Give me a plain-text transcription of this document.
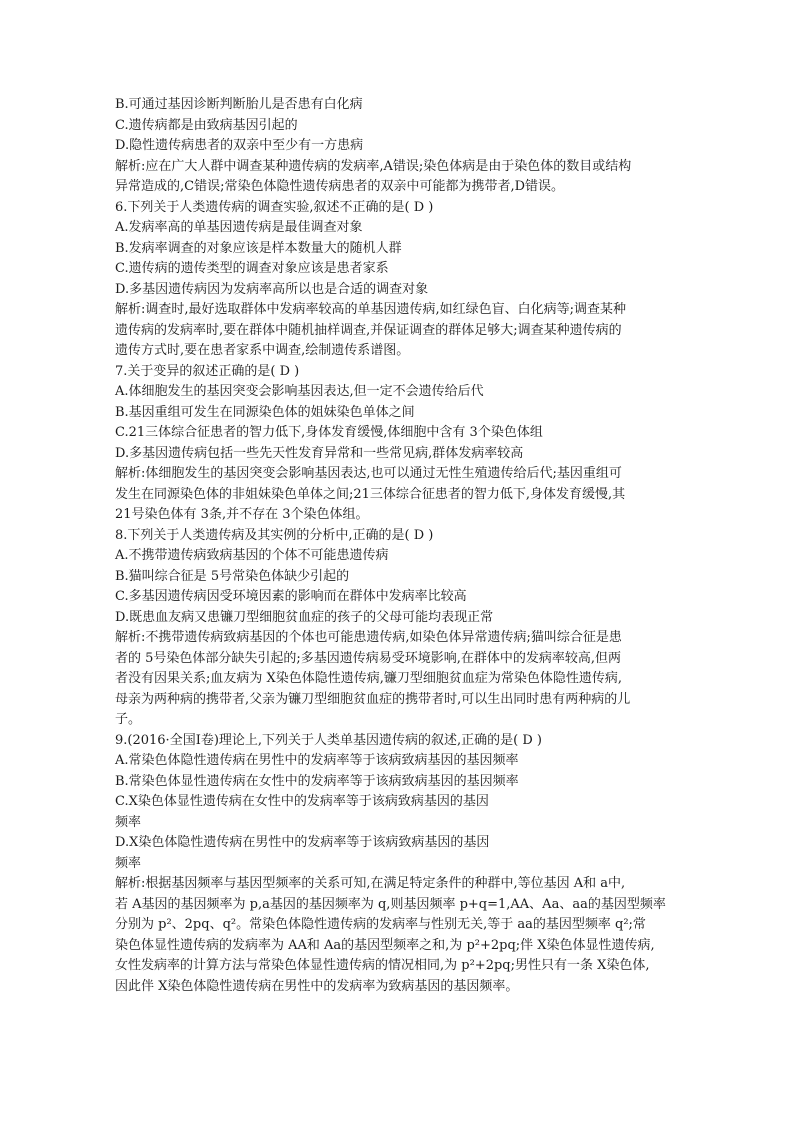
B.可通过基因诊断判断胎儿是否患有白化病
C.遗传病都是由致病基因引起的
D.隐性遗传病患者的双亲中至少有一方患病
解析:应在广大人群中调查某种遗传病的发病率,A错误;染色体病是由于染色体的数目或结构
异常造成的,C错误;常染色体隐性遗传病患者的双亲中可能都为携带者,D错误。
6.下列关于人类遗传病的调查实验,叙述不正确的是( D )
A.发病率高的单基因遗传病是最佳调查对象
B.发病率调查的对象应该是样本数量大的随机人群
C.遗传病的遗传类型的调查对象应该是患者家系
D.多基因遗传病因为发病率高所以也是合适的调查对象
解析:调查时,最好选取群体中发病率较高的单基因遗传病,如红绿色盲、白化病等;调查某种
遗传病的发病率时,要在群体中随机抽样调查,并保证调查的群体足够大;调查某种遗传病的
遗传方式时,要在患者家系中调查,绘制遗传系谱图。
7.关于变异的叙述正确的是( D )
A.体细胞发生的基因突变会影响基因表达,但一定不会遗传给后代
B.基因重组可发生在同源染色体的姐妹染色单体之间
C.21三体综合征患者的智力低下,身体发育缓慢,体细胞中含有 3个染色体组
D.多基因遗传病包括一些先天性发育异常和一些常见病,群体发病率较高
解析:体细胞发生的基因突变会影响基因表达,也可以通过无性生殖遗传给后代;基因重组可
发生在同源染色体的非姐妹染色单体之间;21三体综合征患者的智力低下,身体发育缓慢,其
21号染色体有 3条,并不存在 3个染色体组。
8.下列关于人类遗传病及其实例的分析中,正确的是( D )
A.不携带遗传病致病基因的个体不可能患遗传病
B.猫叫综合征是 5号常染色体缺少引起的
C.多基因遗传病因受环境因素的影响而在群体中发病率比较高
D.既患血友病又患镰刀型细胞贫血症的孩子的父母可能均表现正常
解析:不携带遗传病致病基因的个体也可能患遗传病,如染色体异常遗传病;猫叫综合征是患
者的 5号染色体部分缺失引起的;多基因遗传病易受环境影响,在群体中的发病率较高,但两
者没有因果关系;血友病为 X染色体隐性遗传病,镰刀型细胞贫血症为常染色体隐性遗传病,
母亲为两种病的携带者,父亲为镰刀型细胞贫血症的携带者时,可以生出同时患有两种病的儿
子。
9.(2016·全国Ⅰ卷)理论上,下列关于人类单基因遗传病的叙述,正确的是( D )
A.常染色体隐性遗传病在男性中的发病率等于该病致病基因的基因频率
B.常染色体显性遗传病在女性中的发病率等于该病致病基因的基因频率
C.X染色体显性遗传病在女性中的发病率等于该病致病基因的基因
频率
D.X染色体隐性遗传病在男性中的发病率等于该病致病基因的基因
频率
解析:根据基因频率与基因型频率的关系可知,在满足特定条件的种群中,等位基因 A和 a中,
若 A基因的基因频率为 p,a基因的基因频率为 q,则基因频率 p+q=1,AA、Aa、aa的基因型频率
分别为 p²、2pq、q²。常染色体隐性遗传病的发病率与性别无关,等于 aa的基因型频率 q²;常
染色体显性遗传病的发病率为 AA和 Aa的基因型频率之和,为 p²+2pq;伴 X染色体显性遗传病,
女性发病率的计算方法与常染色体显性遗传病的情况相同,为 p²+2pq;男性只有一条 X染色体,
因此伴 X染色体隐性遗传病在男性中的发病率为致病基因的基因频率。
